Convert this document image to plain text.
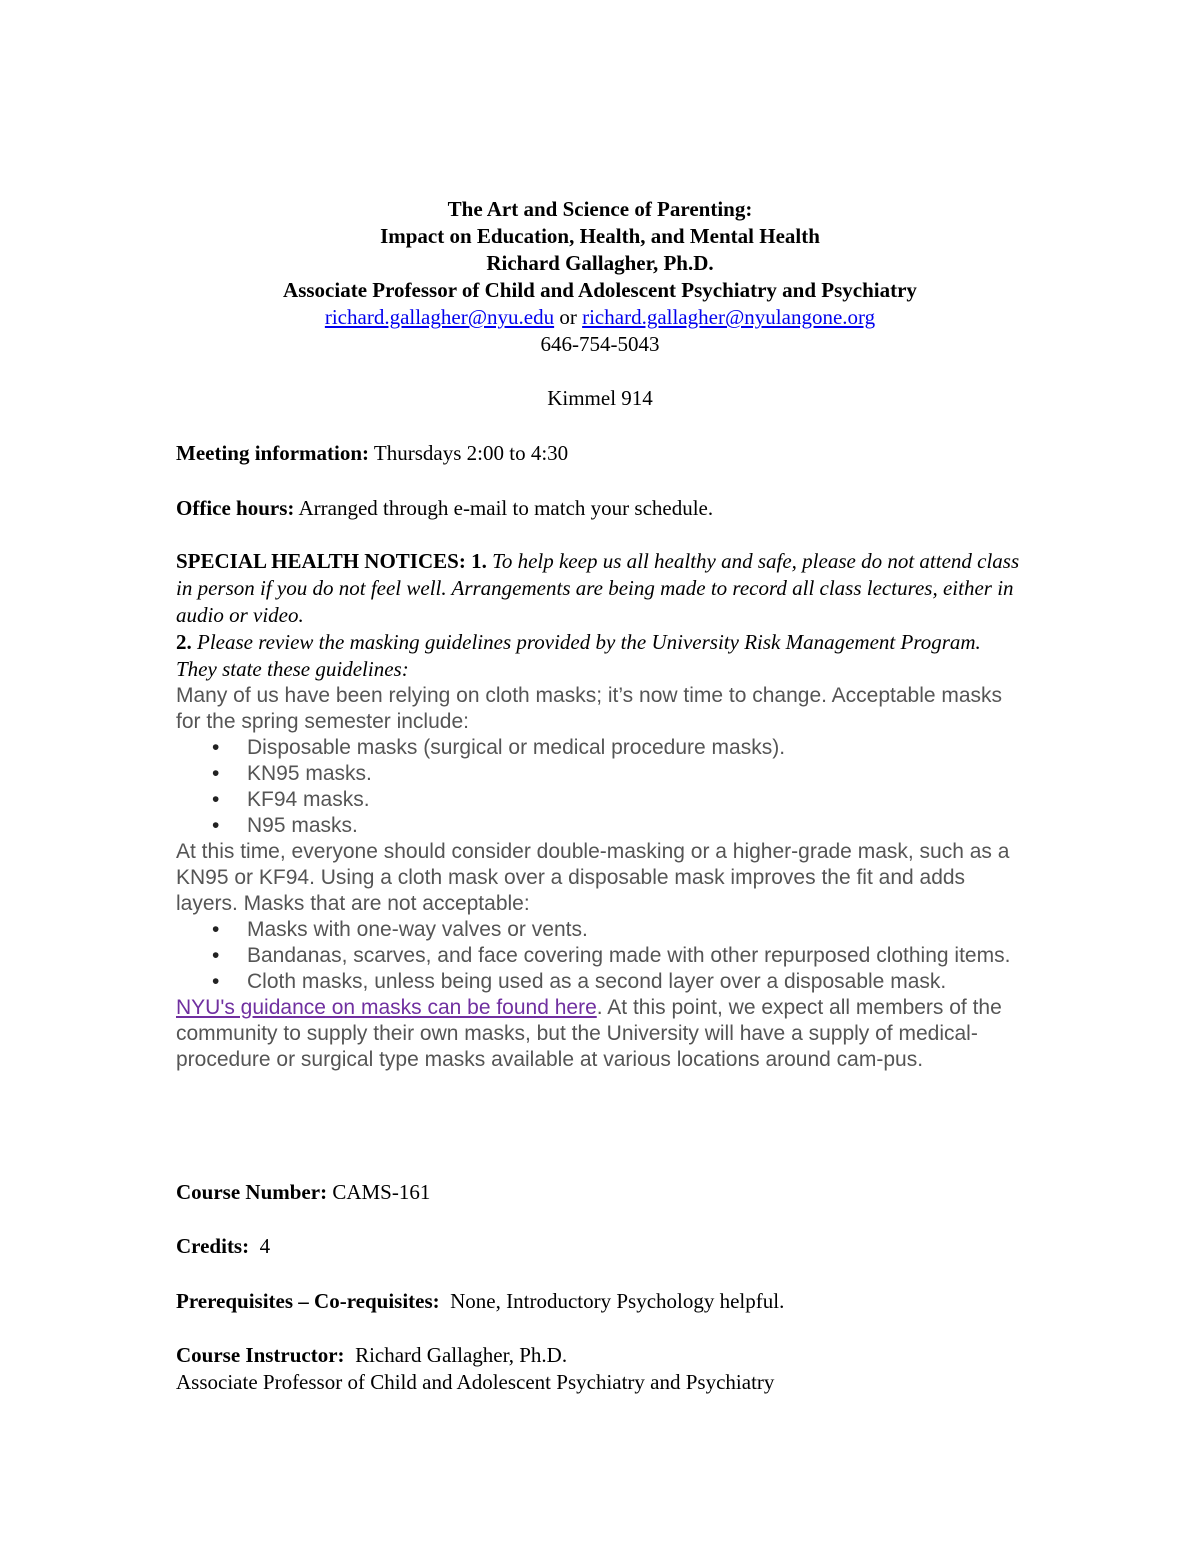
The Art and Science of Parenting:
Impact on Education, Health, and Mental Health
Richard Gallagher, Ph.D.
Associate Professor of Child and Adolescent Psychiatry and Psychiatry
richard.gallagher@nyu.edu or richard.gallagher@nyulangone.org
646-754-5043
Kimmel 914
Meeting information: Thursdays 2:00 to 4:30
Office hours: Arranged through e-mail to match your schedule.
SPECIAL HEALTH NOTICES: 1. To help keep us all healthy and safe, please do not attend class in person if you do not feel well. Arrangements are being made to record all class lectures, either in audio or video.
2. Please review the masking guidelines provided by the University Risk Management Program. They state these guidelines:
Many of us have been relying on cloth masks; it’s now time to change. Acceptable masks for the spring semester include:
• Disposable masks (surgical or medical procedure masks).
• KN95 masks.
• KF94 masks.
• N95 masks.
At this time, everyone should consider double-masking or a higher-grade mask, such as a KN95 or KF94. Using a cloth mask over a disposable mask improves the fit and adds layers. Masks that are not acceptable:
• Masks with one-way valves or vents.
• Bandanas, scarves, and face covering made with other repurposed clothing items.
• Cloth masks, unless being used as a second layer over a disposable mask.
NYU's guidance on masks can be found here. At this point, we expect all members of the community to supply their own masks, but the University will have a supply of medical-procedure or surgical type masks available at various locations around cam-pus.
Course Number: CAMS-161
Credits:  4
Prerequisites – Co-requisites:  None, Introductory Psychology helpful.
Course Instructor:  Richard Gallagher, Ph.D.
Associate Professor of Child and Adolescent Psychiatry and Psychiatry
